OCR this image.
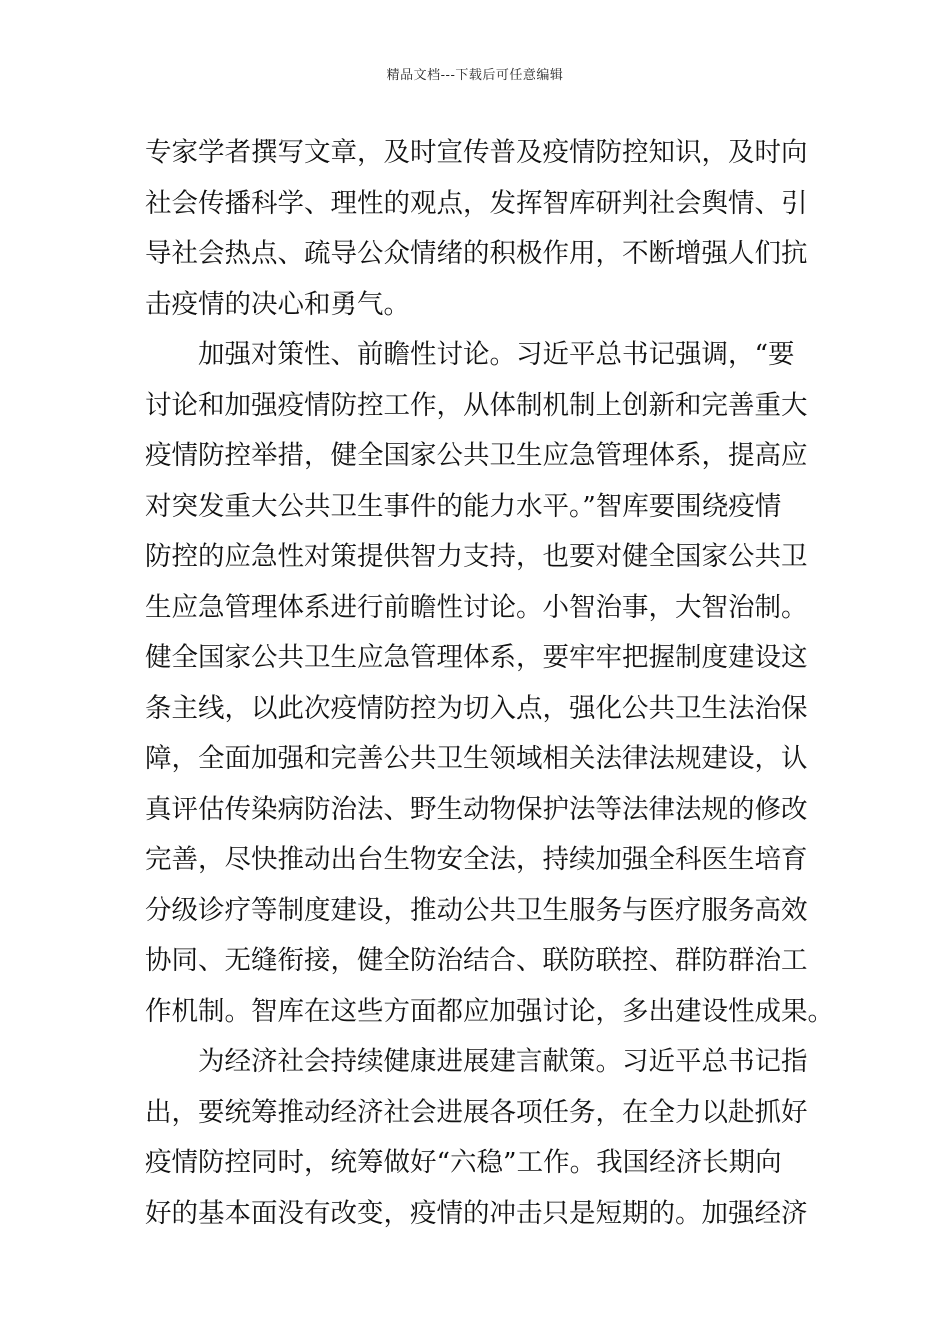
精品文档---下载后可任意编辑
专家学者撰写文章，及时宣传普及疫情防控知识，及时向
社会传播科学、理性的观点，发挥智库研判社会舆情、引
导社会热点、疏导公众情绪的积极作用，不断增强人们抗
击疫情的决心和勇气。
　　加强对策性、前瞻性讨论。习近平总书记强调，“要
讨论和加强疫情防控工作，从体制机制上创新和完善重大
疫情防控举措，健全国家公共卫生应急管理体系，提高应
对突发重大公共卫生事件的能力水平。”智库要围绕疫情
防控的应急性对策提供智力支持，也要对健全国家公共卫
生应急管理体系进行前瞻性讨论。小智治事，大智治制。
健全国家公共卫生应急管理体系，要牢牢把握制度建设这
条主线，以此次疫情防控为切入点，强化公共卫生法治保
障，全面加强和完善公共卫生领域相关法律法规建设，认
真评估传染病防治法、野生动物保护法等法律法规的修改
完善，尽快推动出台生物安全法，持续加强全科医生培育
分级诊疗等制度建设，推动公共卫生服务与医疗服务高效
协同、无缝衔接，健全防治结合、联防联控、群防群治工
作机制。智库在这些方面都应加强讨论，多出建设性成果。
　　为经济社会持续健康进展建言献策。习近平总书记指
出，要统筹推动经济社会进展各项任务，在全力以赴抓好
疫情防控同时，统筹做好“六稳”工作。我国经济长期向
好的基本面没有改变，疫情的冲击只是短期的。加强经济
